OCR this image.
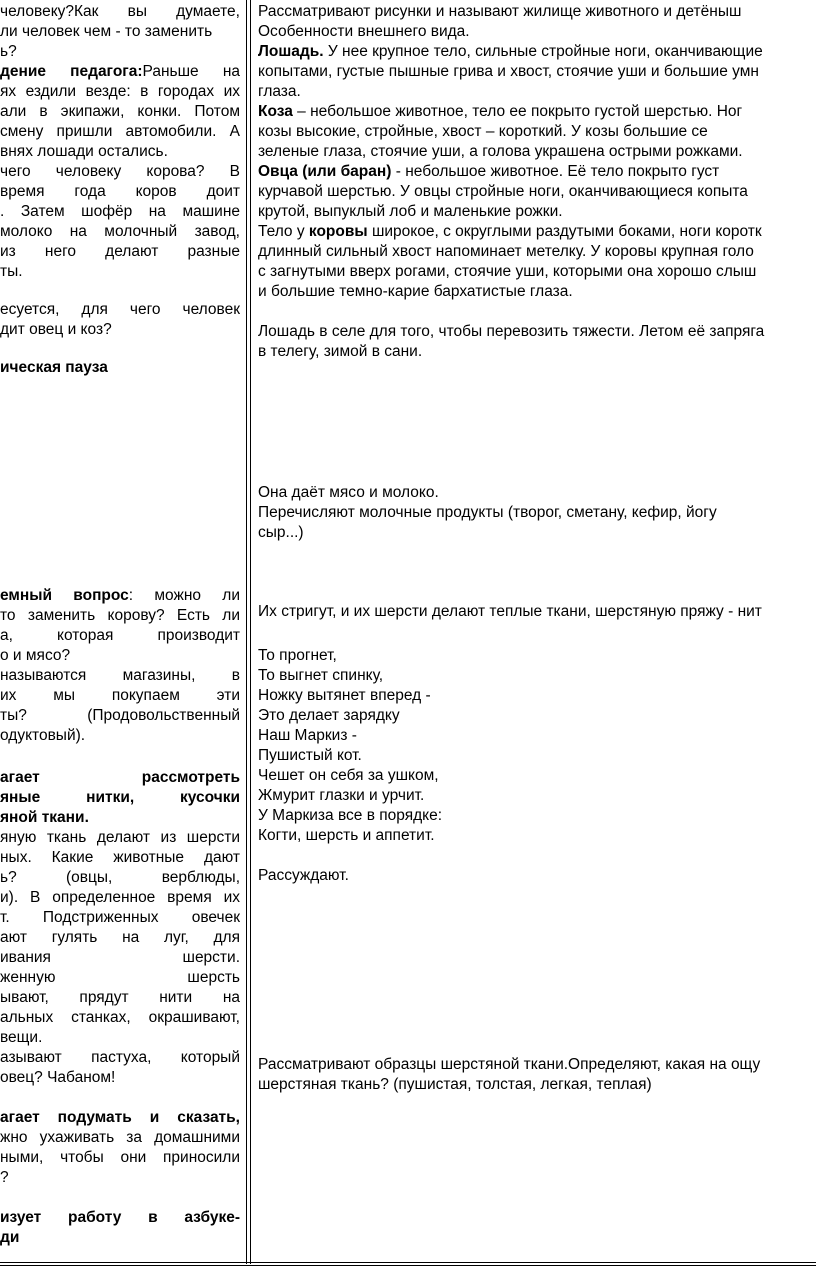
человеку?Как вы думаете,
ли человек чем - то заменить
ь?
дение педагога:Раньше на
ях ездили везде: в городах их
али в экипажи, конки. Потом
смену пришли автомобили. А
внях лошади остались.
чего человеку корова? В
время года коров доит
. Затем шофёр на машине
молоко на молочный завод,
из него делают разные
ты.
есуется, для чего человек
дит овец и коз?
ическая пауза
емный вопрос: можно ли
то заменить корову? Есть ли
а, которая производит
о и мясо?
называются магазины, в
их мы покупаем эти
ты? (Продовольственный
одуктовый).
агает рассмотреть
яные нитки, кусочки
яной ткани.
яную ткань делают из шерсти
ных. Какие животные дают
ь? (овцы, верблюды,
и). В определенное время их
т. Подстриженных овечек
ают гулять на луг, для
ивания шерсти.
женную шерсть
ывают, прядут нити на
альных станках, окрашивают,
вещи.
азывают пастуха, который
овец? Чабаном!
агает подумать и сказать,
жно ухаживать за домашними
ными, чтобы они приносили
?
изует работу в азбуке-
ди
Рассматривают рисунки и называют жилище животного и детёныш
Особенности внешнего вида.
Лошадь. У нее крупное тело, сильные стройные ноги, оканчивающие
копытами, густые пышные грива и хвост, стоячие уши и большие умн
глаза.
Коза – небольшое животное, тело ее покрыто густой шерстью. Ног
козы высокие, стройные, хвост – короткий. У козы большие се
зеленые глаза, стоячие уши, а голова украшена острыми рожками.
Овца (или баран) - небольшое животное. Её тело покрыто густ
курчавой шерстью. У овцы стройные ноги, оканчивающиеся копыта
крутой, выпуклый лоб и маленькие рожки.
Тело у коровы широкое, с округлыми раздутыми боками, ноги коротк
длинный сильный хвост напоминает метелку. У коровы крупная голо
с загнутыми вверх рогами, стоячие уши, которыми она хорошо слыш
и большие темно-карие бархатистые глаза.
Лошадь в селе для того, чтобы перевозить тяжести. Летом её запряга
в телегу, зимой в сани.
Она даёт мясо и молоко.
Перечисляют молочные продукты (творог, сметану, кефир, йогу
сыр...)
Их стригут, и их шерсти делают теплые ткани, шерстяную пряжу - нит
То прогнет,
То выгнет спинку,
Ножку вытянет вперед -
Это делает зарядку
Наш Маркиз -
Пушистый кот.
Чешет он себя за ушком,
Жмурит глазки и урчит.
У Маркиза все в порядке:
Когти, шерсть и аппетит.
Рассуждают.
Рассматривают образцы шерстяной ткани.Определяют, какая на ощу
шерстяная ткань? (пушистая, толстая, легкая, теплая)
